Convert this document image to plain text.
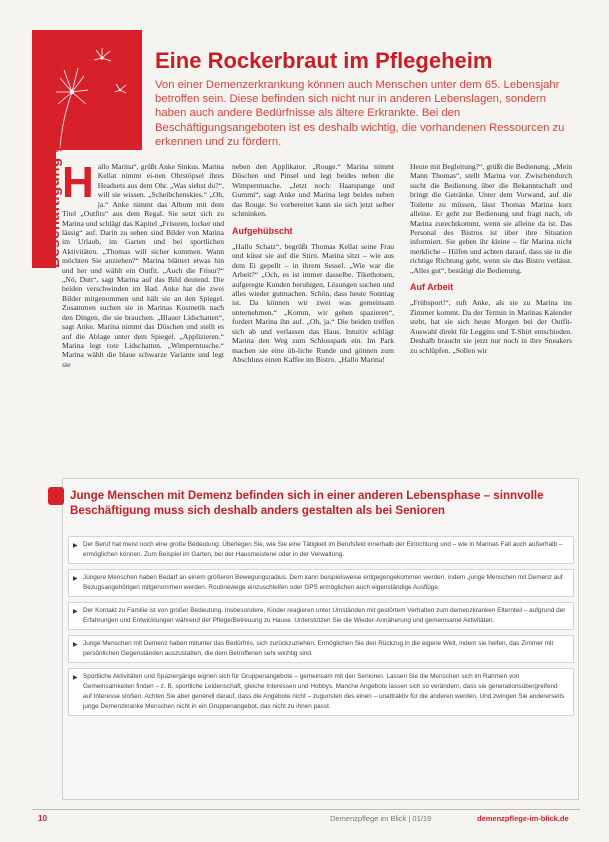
Beschäftigung gestalten
Eine Rockerbraut im Pflegeheim
Von einer Demenzerkrankung können auch Menschen unter dem 65. Lebensjahr betroffen sein. Diese befinden sich nicht nur in anderen Lebenslagen, sondern haben auch andere Bedürfnisse als ältere Erkrankte. Bei den Beschäftigungsangeboten ist es deshalb wichtig, die vorhandenen Ressourcen zu erkennen und zu fördern.
H allo Marina“, grüßt Anke Sinkus. Marina Kellat nimmt ei-nen Ohrstöpsel ihres Headsets aus dem Ohr. „Was siehst du?“, will sie wissen. „Scheibchenskies.“ „Oh, ja.“ Anke nimmt das Album mit dem Titel „Outfits“ aus dem Regal. Sie setzt sich zu Marina und schlägt das Kapitel „Frisuren, locker und lässig“ auf. Darin zu sehen sind Bilder von Marina im Urlaub, im Garten und bei sportlichen Aktivitäten. „Thomas will sicher kommen. Wann möchten Sie anziehen?“ Marina blättert etwas hin und her und wählt ein Outfit. „Auch die Frisur?“ „Nö, Dutt“, sagt Marina auf das Bild deutend. Die beiden verschwinden im Bad. Anke hat die zwei Bilder mitgenommen und hält sie an den Spiegel. Zusammen suchen sie in Marinas Kosmetik nach den Dingen, die sie brauchen. „Blauer Lidschatten“, sagt Anke. Marina nimmt das Döschen und stellt es auf die Ablage unter dem Spiegel. „Applizieren.“ Marina legt rote Lidschatten. „Wimperntusche.“ Marina wählt die blaue schwarze Variante und legt sie
neben den Applikator. „Rouge.“ Marina nimmt Döschen und Pinsel und legt beides neben die Wimperntusche. „Jetzt noch: Haarspange und Gummi“, sagt Anke und Marina legt beides neben das Rouge. So vorbereitet kann sie sich jetzt selber schminken.
Aufgehübscht
„Hallo Schatz“, begrüßt Thomas Kellat seine Frau und küsst sie auf die Stirn. Marina sitzt – wie aus dem Ei gepellt – in ihrem Sessel. „Wie war die Arbeit?“ „Och, es ist immer dasselbe. Tikethotsen, aufgeregte Kunden beruhigen, Lösungen suchen und alles wieder gutmachen. Schön, dass heute Sonntag ist. Da können wir zwei was gemeinsam unternehmen.“ „Komm, wir gehen spazieren“, fordert Marina ihn auf. „Oh, ja.“ Die beiden treffen sich ab und verlassen das Haus. Intuitiv schlägt Marina den Weg zum Schlosspark ein. Im Park machen sie eine üb-liche Runde und gönnen zum Abschluss einen Kaffee im Bistro. „Hallo Marina!
Heute mit Begleitung?“, grüßt die Bedienung. „Mein Mann Thomas“, stellt Marina vor. Zwischendurch sucht die Bedienung über die Bekanntschaft und bringt die Getränke. Unter dem Vorwand, auf die Toilette zu müssen, lässt Thomas Marina kurz alleine. Er geht zur Bedienung und fragt nach, ob Marina zurechtkommt, wenn sie alleine da ist. Das Personal des Bistros ist über ihre Situation informiert. Sie geben ihr kleine – für Marina nicht merkliche – Hilfen und achten darauf, dass sie in die richtige Richtung geht, wenn sie das Bistro verlässt. „Alles gut“, bestätigt die Bedienung.
Auf Arbeit
„Frühsport!“, ruft Anke, als sie zu Marina ins Zimmer kommt. Da der Termin in Marinas Kalender steht, hat sie sich heute Morgen bei der Outfit-Auswahl direkt für Leggins und T-Shirt entschieden. Deshalb braucht sie jetzt nur noch in ihre Sneakers zu schlüpfen. „Sollen wir
Junge Menschen mit Demenz befinden sich in einer anderen Lebensphase – sinnvolle Beschäftigung muss sich deshalb anders gestalten als bei Senioren
▶ Der Beruf hat meist noch eine große Bedeutung. Überlegen Sie, wie Sie eine Tätigkeit im Berufsfeld innerhalb der Einrichtung und – wie in Marinas Fall auch außerhalb – ermöglichen können. Zum Beispiel im Garten, bei der Hausmeisterei oder in der Verwaltung.
▶ Jüngere Menschen haben Bedarf an einem größeren Bewegungsradius. Dem kann beispielsweise entgegengekommen werden, indem „junge Menschen mit Demenz auf Bezugsangehörigen mitgenommen werden. Routinewege einzuschleifen oder GPS ermöglichen auch eigenständige Ausflüge.
▶ Der Kontakt zu Familie ist von großer Bedeutung. Insbesondere, Kinder reagieren unter Umständen mit gestörtem Verhalten zum demenzkranken Elternteil – aufgrund der Erfahrungen und Entwicklungen während der Pflege/Betreuung zu Hause. Unterstützen Sie die Wieder-Annäherung und gemeinsame Aktivitäten.
▶ Junge Menschen mit Demenz haben mitunter das Bedürfnis, sich zurückzuziehen. Ermöglichen Sie den Rückzug in die eigene Welt, indem sie helfen, das Zimmer mit persönlichen Gegenständen auszustatten, die dem Betroffenen sehr wichtig sind.
▶ Sportliche Aktivitäten und Spaziergänge eignen sich für Gruppenangebote – gemeinsam mit den Senioren. Lassen Sie die Menschen sich im Rahmen von Gemeinsamkeiten finden – z. B. sportliche Leidenschaft, gleiche Interessen und Hobbys. Manche Angebote lassen sich so verändern, dass sie generationsübergreifend auf Interesse stoßen. Achten Sie aber generell darauf, dass die Angebote nicht – zugunsten des einen – unattraktiv für die anderen werden. Und zwingen Sie andererseits junge Demenzkranke Menschen nicht in ein Gruppenangebot, das nicht zu ihnen passt.
10	Demenzpflege im Blick | 01/19	demenzpflege-im-blick.de
